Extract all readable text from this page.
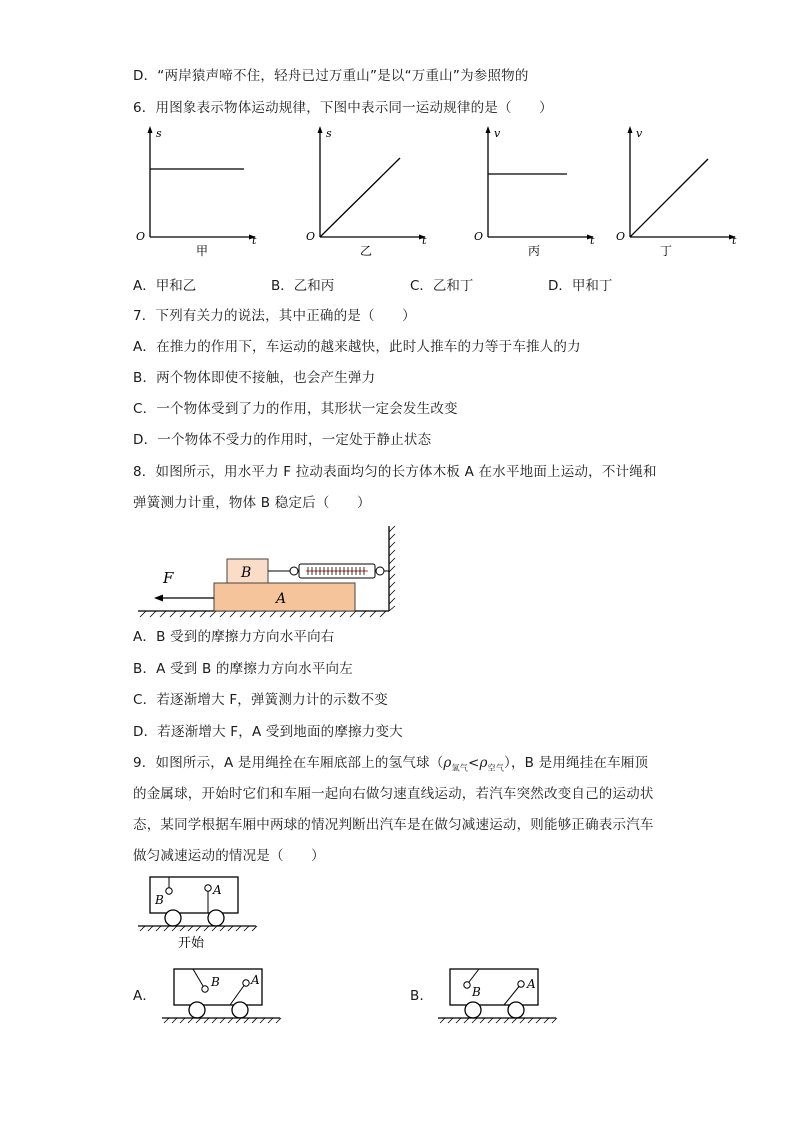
D．“两岸猿声啼不住，轻舟已过万重山”是以“万重山”为参照物的
6．用图象表示物体运动规律，下图中表示同一运动规律的是（　　）
s
t
O
甲
s
t
O
乙
v
t
O
丙
v
t
O
丁
A．甲和乙	B．乙和丙	C．乙和丁	D．甲和丁
7．下列有关力的说法，其中正确的是（　　）
A．在推力的作用下，车运动的越来越快，此时人推车的力等于车推人的力
B．两个物体即使不接触，也会产生弹力
C．一个物体受到了力的作用，其形状一定会发生改变
D．一个物体不受力的作用时，一定处于静止状态
8．如图所示，用水平力 F 拉动表面均匀的长方体木板 A 在水平地面上运动，不计绳和
弹簧测力计重，物体 B 稳定后（　　）
A
B
F
A．B 受到的摩擦力方向水平向右
B．A 受到 B 的摩擦力方向水平向左
C．若逐渐增大 F，弹簧测力计的示数不变
D．若逐渐增大 F，A 受到地面的摩擦力变大
9．如图所示，A 是用绳拴在车厢底部上的氢气球$(\rho_{氢气}<\rho_{空气})$，B 是用绳挂在车厢顶
的金属球，开始时它们和车厢一起向右做匀速直线运动，若汽车突然改变自己的运动状
态，某同学根据车厢中两球的情况判断出汽车是在做匀减速运动，则能够正确表示汽车
做匀减速运动的情况是（　　）
B
A
开始
A．
B	A
B．	B
A
